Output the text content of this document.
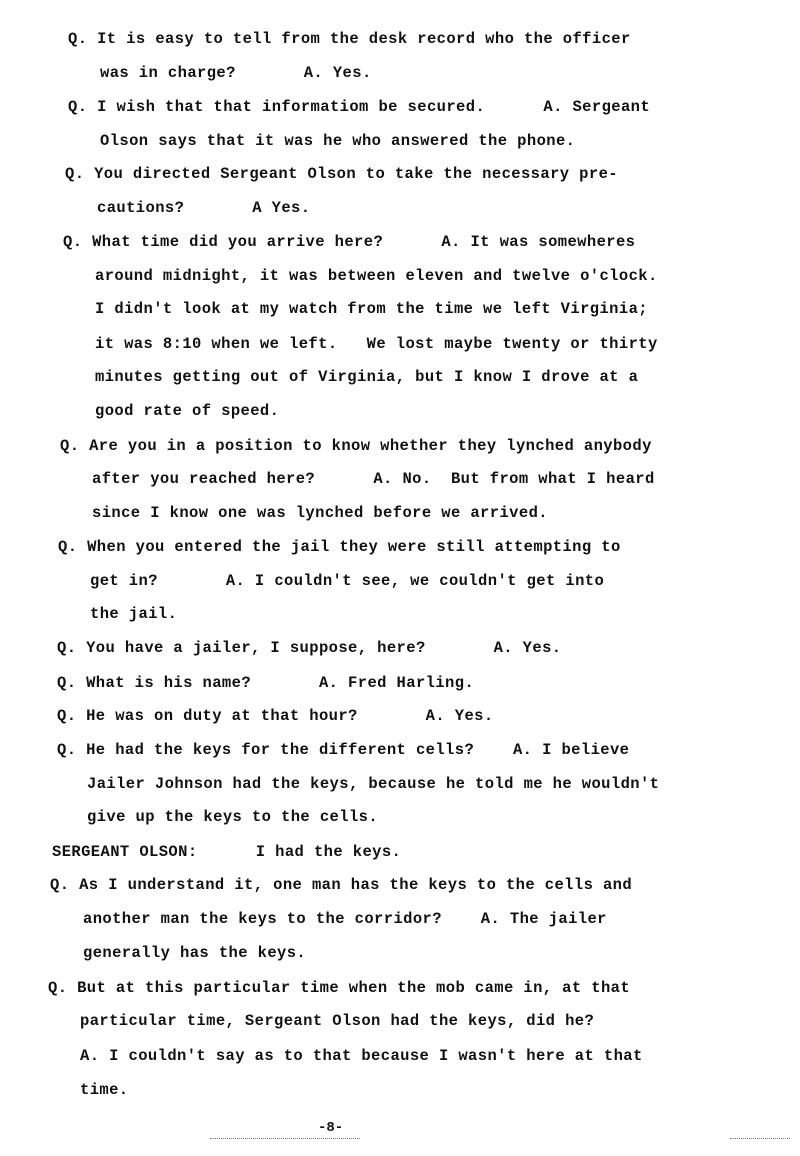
Q. It is easy to tell from the desk record who the officer
was in charge?       A. Yes.
Q. I wish that that informatiom be secured.      A. Sergeant
Olson says that it was he who answered the phone.
Q. You directed Sergeant Olson to take the necessary pre-
cautions?       A Yes.
Q. What time did you arrive here?      A. It was somewheres
around midnight, it was between eleven and twelve o'clock.
I didn't look at my watch from the time we left Virginia;
it was 8:10 when we left.   We lost maybe twenty or thirty
minutes getting out of Virginia, but I know I drove at a
good rate of speed.
Q. Are you in a position to know whether they lynched anybody
after you reached here?      A. No.  But from what I heard
since I know one was lynched before we arrived.
Q. When you entered the jail they were still attempting to
get in?       A. I couldn't see, we couldn't get into
the jail.
Q. You have a jailer, I suppose, here?       A. Yes.
Q. What is his name?       A. Fred Harling.
Q. He was on duty at that hour?       A. Yes.
Q. He had the keys for the different cells?    A. I believe
Jailer Johnson had the keys, because he told me he wouldn't
give up the keys to the cells.
SERGEANT OLSON:      I had the keys.
Q. As I understand it, one man has the keys to the cells and
another man the keys to the corridor?    A. The jailer
generally has the keys.
Q. But at this particular time when the mob came in, at that
particular time, Sergeant Olson had the keys, did he?
A. I couldn't say as to that because I wasn't here at that
time.
-8-
